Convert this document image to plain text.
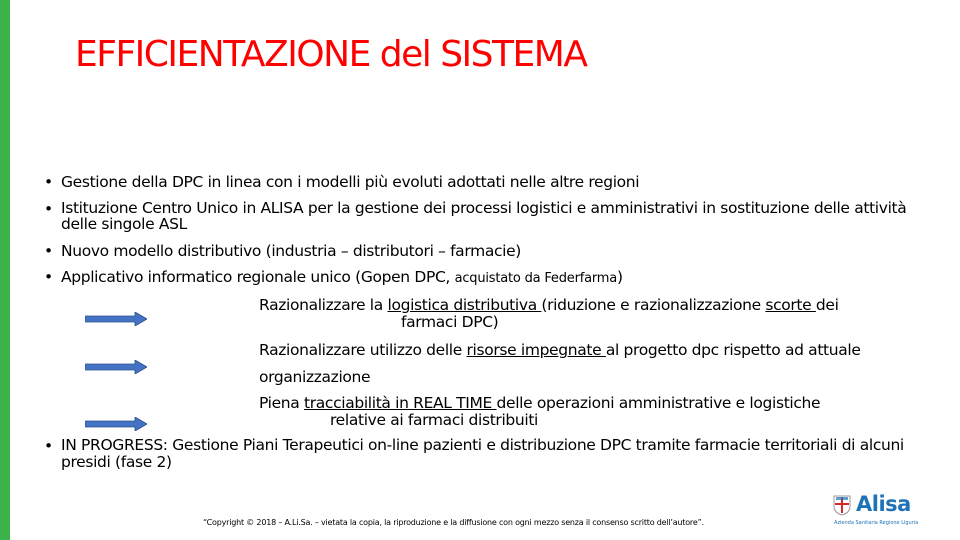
EFFICIENTAZIONE del SISTEMA
• Gestione della DPC in linea con i modelli più evoluti adottati nelle altre regioni
• Istituzione Centro Unico in ALISA per la gestione dei processi logistici e amministrativi in sostituzione delle attività delle singole ASL
• Nuovo modello distributivo (industria – distributori – farmacie)
• Applicativo informatico regionale unico (Gopen DPC, acquistato da Federfarma)
Razionalizzare la logistica distributiva (riduzione e razionalizzazione scorte dei
farmaci DPC)
Razionalizzare utilizzo delle risorse impegnate al progetto dpc rispetto ad attuale
organizzazione
Piena tracciabilità in REAL TIME delle operazioni amministrative e logistiche
relative ai farmaci distribuiti
• IN PROGRESS: Gestione Piani Terapeutici on-line pazienti e distribuzione DPC tramite farmacie territoriali di alcuni presidi (fase 2)
“Copyright © 2018 – A.Li.Sa. – vietata la copia, la riproduzione e la diffusione con ogni mezzo senza il consenso scritto dell’autore”.
Alisa
Azienda Sanitaria Regione Liguria
